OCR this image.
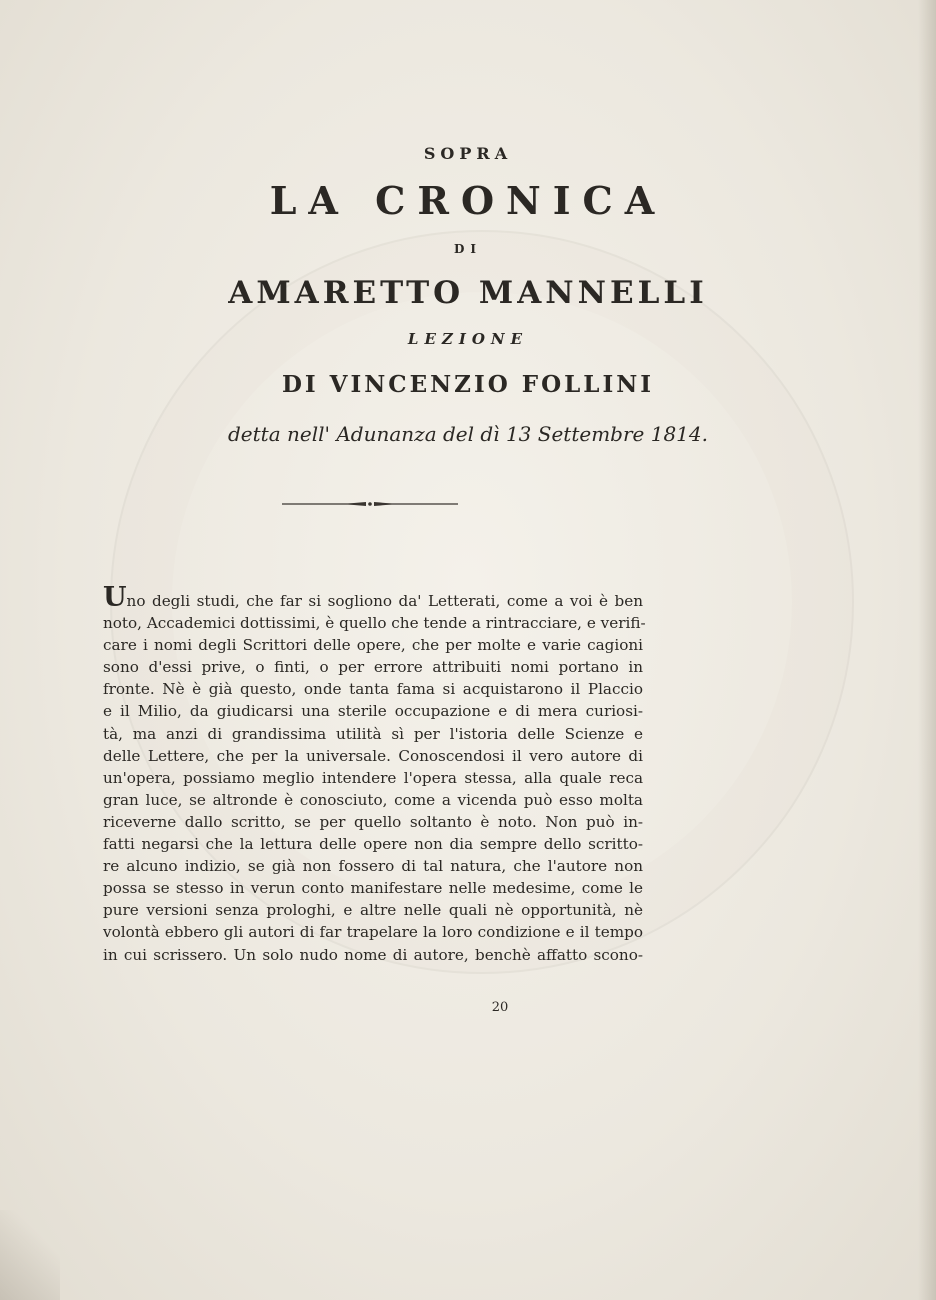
SOPRA
LA CRONICA
DI
AMARETTO MANNELLI
LEZIONE
DI VINCENZIO FOLLINI
detta nell' Adunanza del dì 13 Settembre 1814.
Uno degli studi, che far si sogliono da' Letterati, come a voi è ben
noto, Accademici dottissimi, è quello che tende a rintracciare, e verifi-
care i nomi degli Scrittori delle opere, che per molte e varie cagioni
sono d'essi prive, o finti, o per errore attribuiti nomi portano in
fronte. Nè è già questo, onde tanta fama si acquistarono il Placcio
e il Milio, da giudicarsi una sterile occupazione e di mera curiosi-
tà, ma anzi di grandissima utilità sì per l'istoria delle Scienze e
delle Lettere, che per la universale. Conoscendosi il vero autore di
un'opera, possiamo meglio intendere l'opera stessa, alla quale reca
gran luce, se altronde è conosciuto, come a vicenda può esso molta
riceverne dallo scritto, se per quello soltanto è noto. Non può in-
fatti negarsi che la lettura delle opere non dia sempre dello scritto-
re alcuno indizio, se già non fossero di tal natura, che l'autore non
possa se stesso in verun conto manifestare nelle medesime, come le
pure versioni senza prologhi, e altre nelle quali nè opportunità, nè
volontà ebbero gli autori di far trapelare la loro condizione e il tempo
in cui scrissero. Un solo nudo nome di autore, benchè affatto scono-
20
